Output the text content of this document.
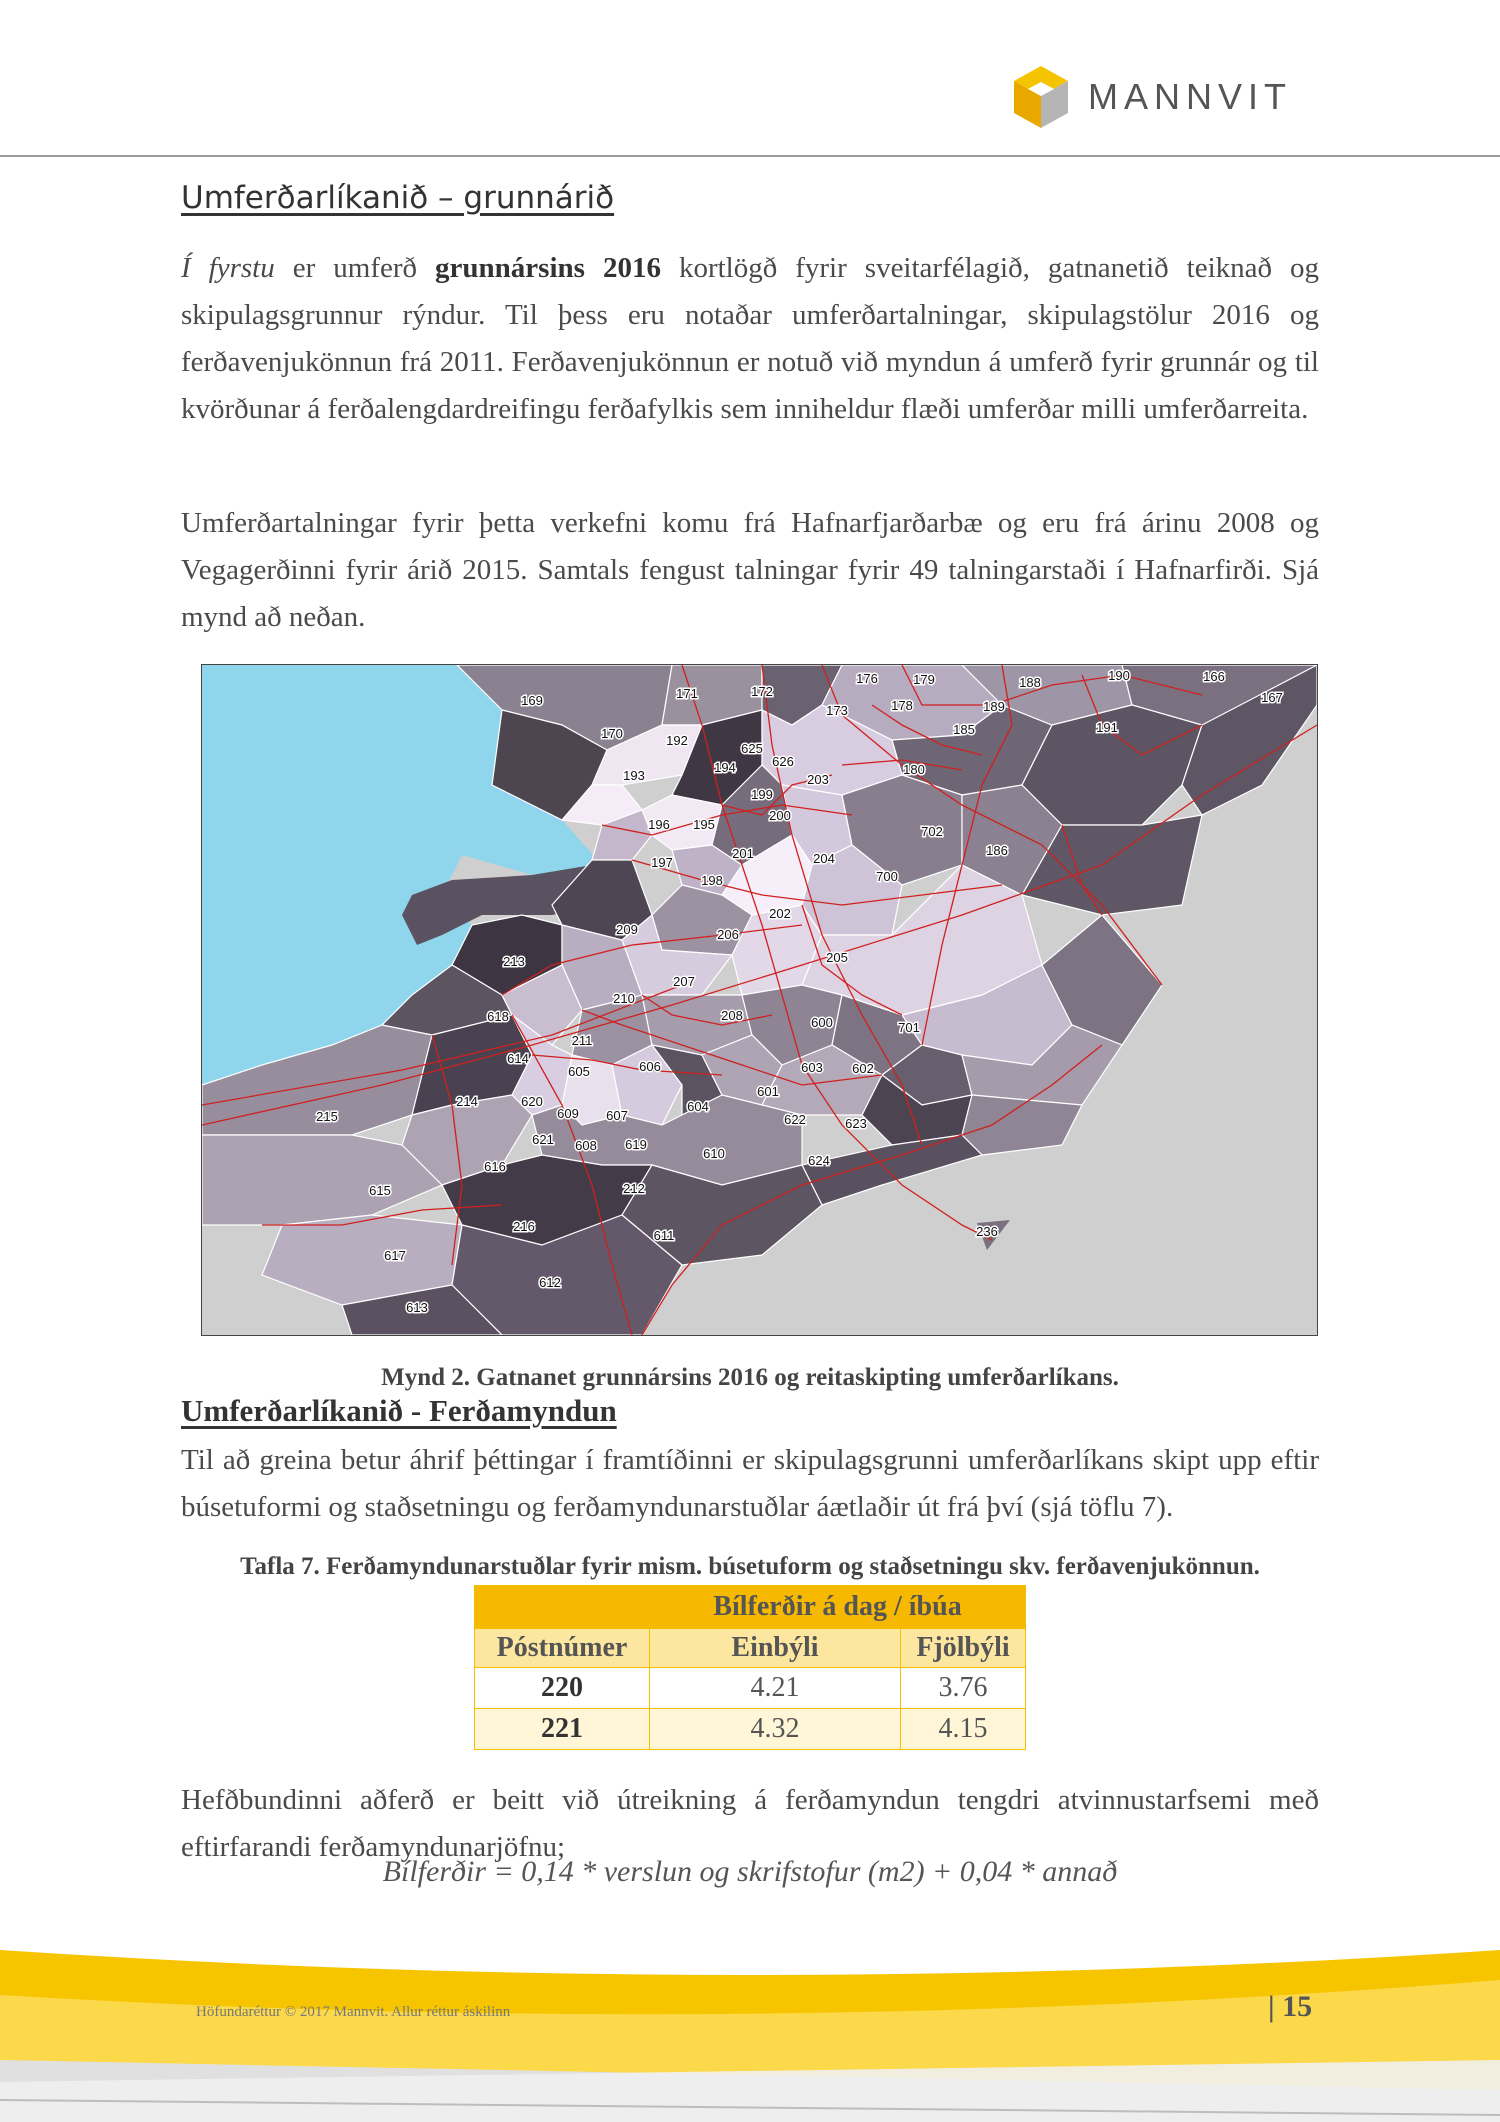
MANNVIT
Umferðarlíkanið – grunnárið

Í fyrstu er umferð grunnársins 2016 kortlögð fyrir sveitarfélagið, gatnanetið teiknað og skipulagsgrunnur rýndur. Til þess eru notaðar umferðartalningar, skipulagstölur 2016 og ferðavenjukönnun frá 2011. Ferðavenjukönnun er notuð við myndun á umferð fyrir grunnár og til kvörðunar á ferðalengdardreifingu ferðafylkis sem inniheldur flæði umferðar milli umferðarreita.

Umferðartalningar fyrir þetta verkefni komu frá Hafnarfjarðarbæ og eru frá árinu 2008 og Vegagerðinni fyrir árið 2015. Samtals fengust talningar fyrir 49 talningarstaði í Hafnarfirði. Sjá mynd að neðan.

169
170
171	172
173
176
178
179
180
185
186
188
189
190
191
166
167
192
193
194
195
196
197
198
199
200
201
202
203
204
205
206
207
208
209
210
211
212
213
214
215
216	236
600
601
602
603
604
605	606
607
608
609
610
611
612
613
614
615
616
617
618
619
620
621
622	623
624
625
626
700
701
702

Mynd 2. Gatnanet grunnársins 2016 og reitaskipting umferðarlíkans.

Umferðarlíkanið - Ferðamyndun

Til að greina betur áhrif þéttingar í framtíðinni er skipulagsgrunni umferðarlíkans skipt upp eftir búsetuformi og staðsetningu og ferðamyndunarstuðlar áætlaðir út frá því (sjá töflu 7).

Tafla 7. Ferðamyndunarstuðlar fyrir mism. búsetuform og staðsetningu skv. ferðavenjukönnun.

	Bílferðir á dag / íbúa	
Póstnúmer	Einbýli	Fjölbýli
220	4.21	3.76
221	4.32	4.15

Hefðbundinni aðferð er beitt við útreikning á ferðamyndun tengdri atvinnustarfsemi með eftirfarandi ferðamyndunarjöfnu;

Bílferðir = 0,14 * verslun og skrifstofur (m2) + 0,04 * annað

Höfundaréttur © 2017 Mannvit. Allur réttur áskilinn	| 15
